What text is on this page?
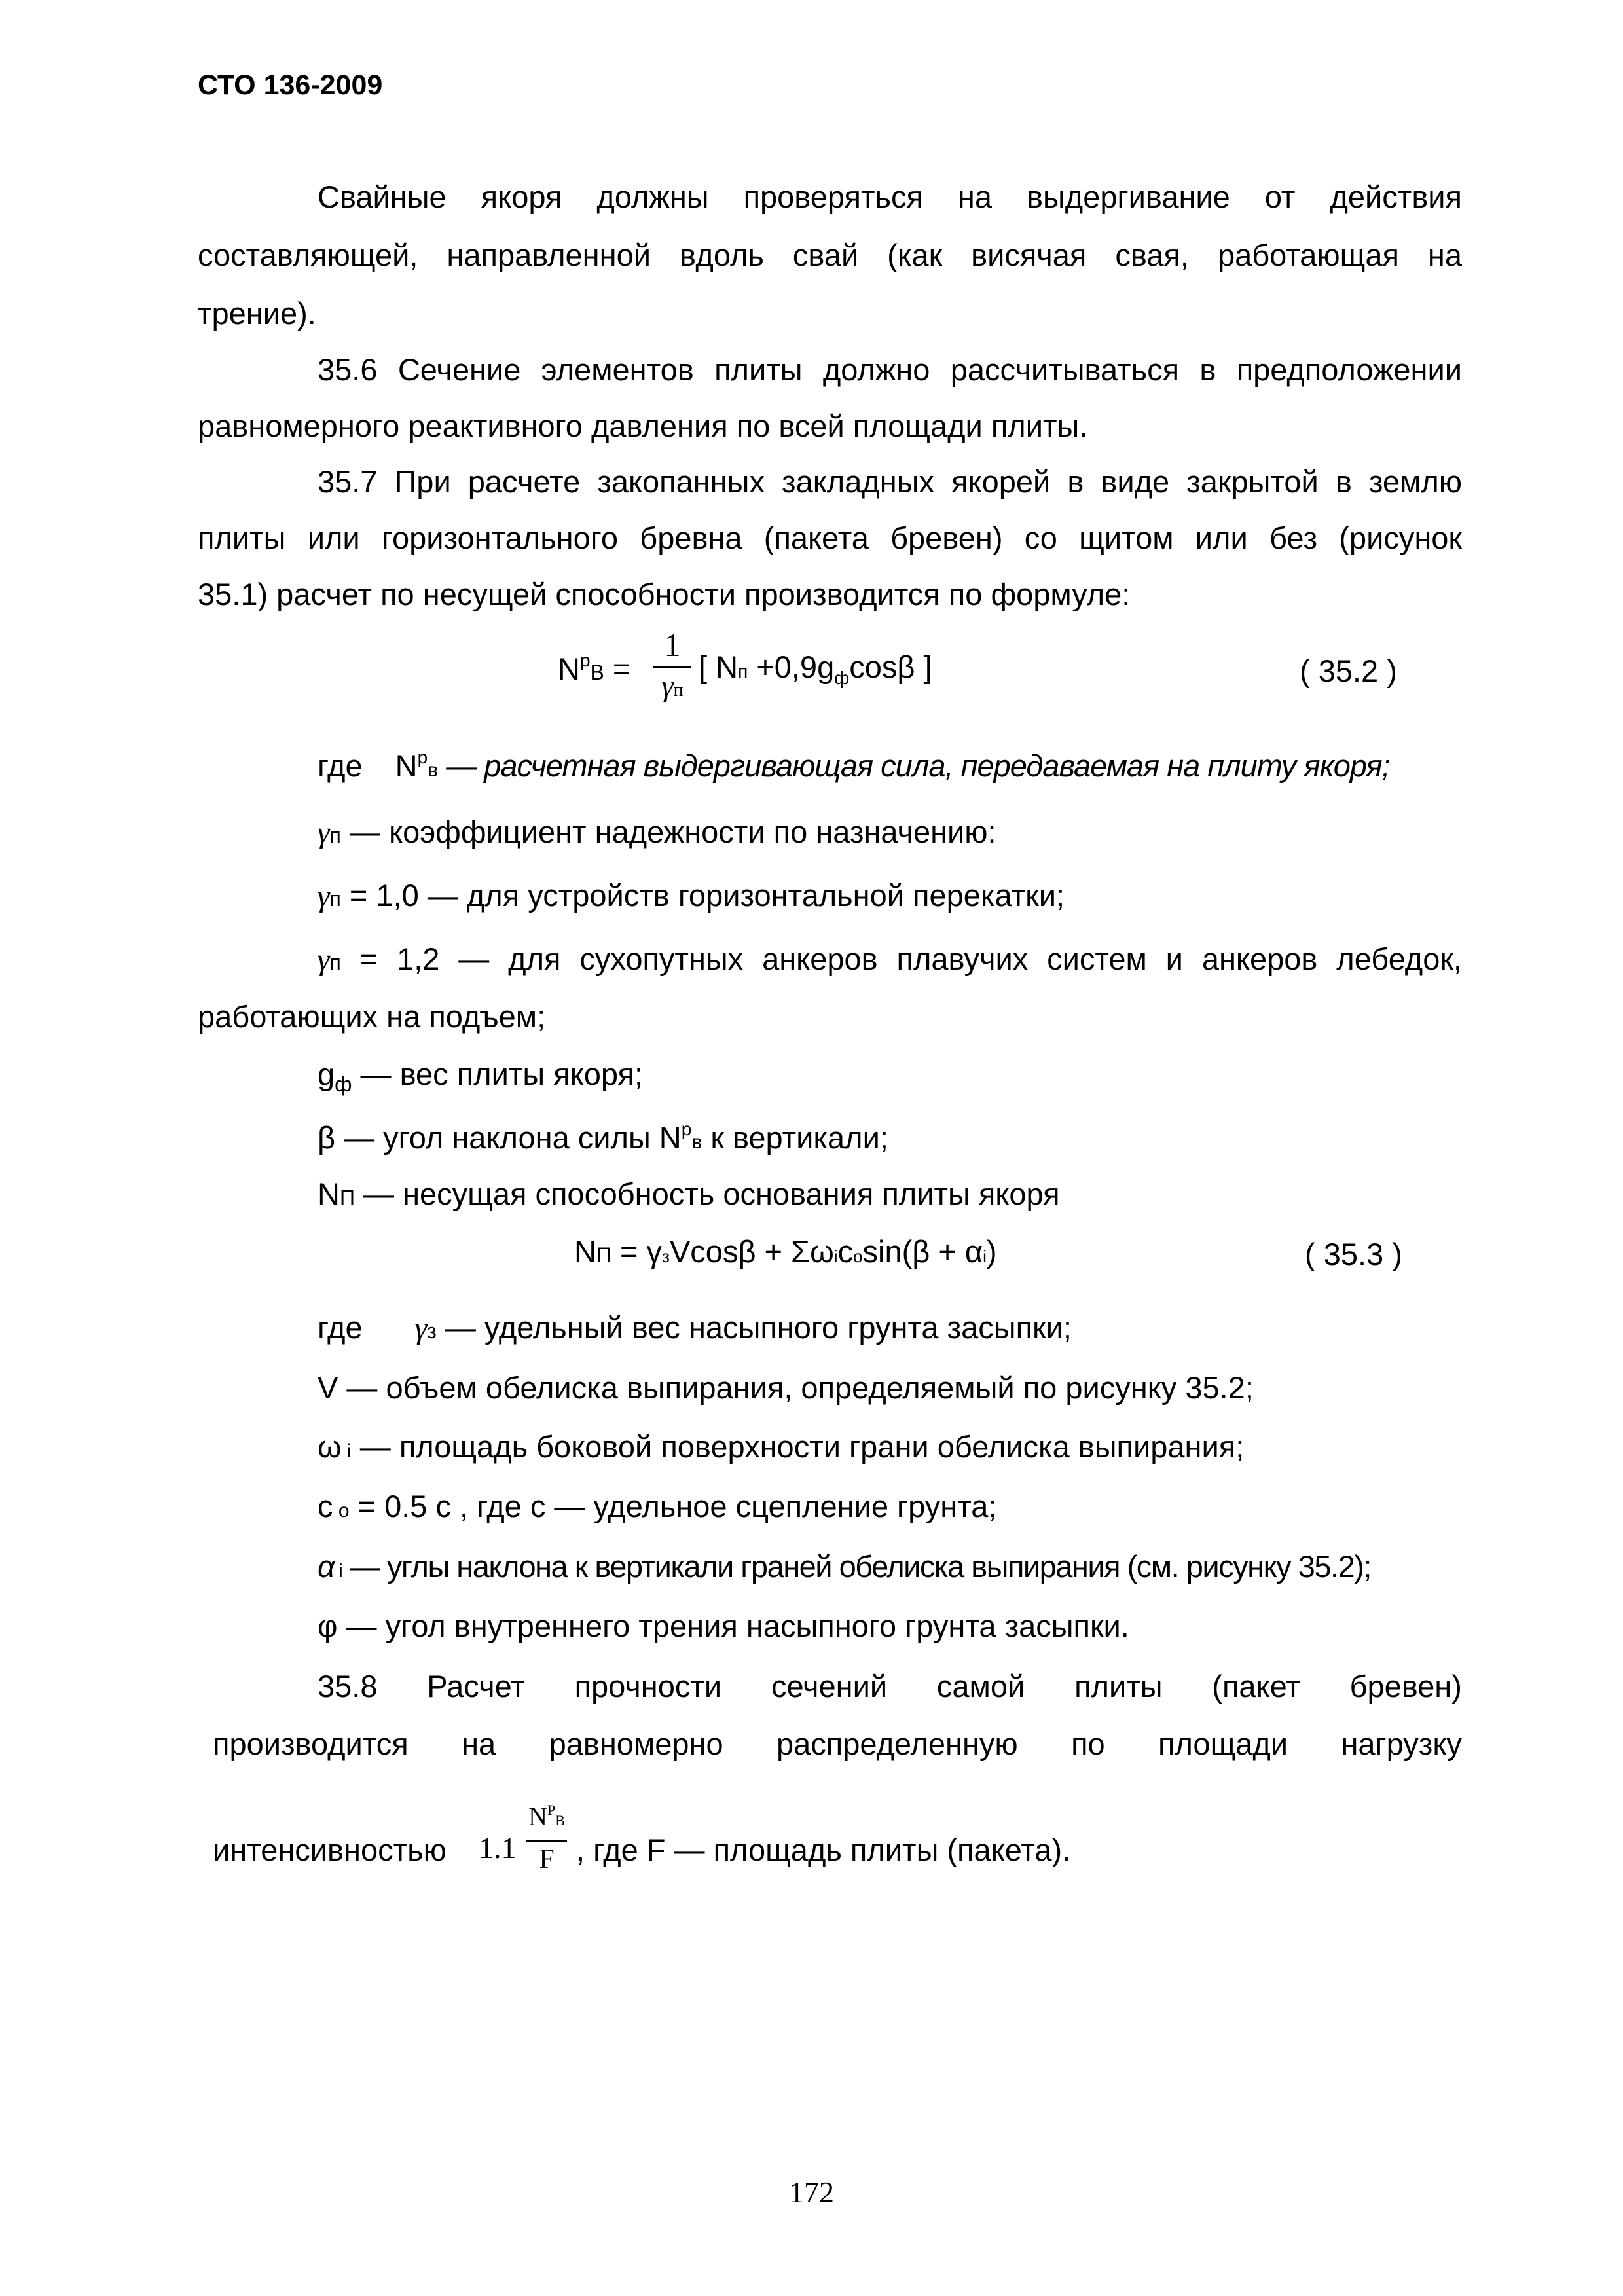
СТО 136-2009
Свайные якоря должны проверяться на выдергивание от действия
составляющей, направленной вдоль свай (как висячая свая, работающая на
трение).
35.6 Сечение элементов плиты должно рассчитываться в предположении
равномерного реактивного давления по всей площади плиты.
35.7 При расчете закопанных закладных якорей в виде закрытой в землю
плиты или горизонтального бревна (пакета бревен) со щитом или без (рисунок
35.1) расчет по несущей способности производится по формуле:
$N^рВ$ =
1
γп
[ Nп $+0,9g_ф\cos\beta$ ]	( 35.2 )
где $N^рв$ — расчетная выдергивающая сила, передаваемая на плиту якоря;
γп — коэффициент надежности по назначению:
γп = 1,0 — для устройств горизонтальной перекатки;
γп = 1,2 — для сухопутных анкеров плавучих систем и анкеров лебедок,
работающих на подъем;
$g_ф$ — вес плиты якоря;
β — угол наклона силы $N^рв$ к вертикали;
NП — несущая способность основания плиты якоря
NП = γзVcosβ + Σωicosin(β + αi)	( 35.3 )
где γз — удельный вес насыпного грунта засыпки;
V — объем обелиска выпирания, определяемый по рисунку 35.2;
ω i — площадь боковой поверхности грани обелиска выпирания;
c o = 0.5 c , где с — удельное сцепление грунта;
α i — углы наклона к вертикали граней обелиска выпирания (см. рисунку 35.2);
φ — угол внутреннего трения насыпного грунта засыпки.
35.8 Расчет прочности сечений самой плиты (пакет бревен)
производится на равномерно распределенную по площади нагрузку
интенсивностью 1.1
$N^PВ$
F , где F — площадь плиты (пакета).
172
